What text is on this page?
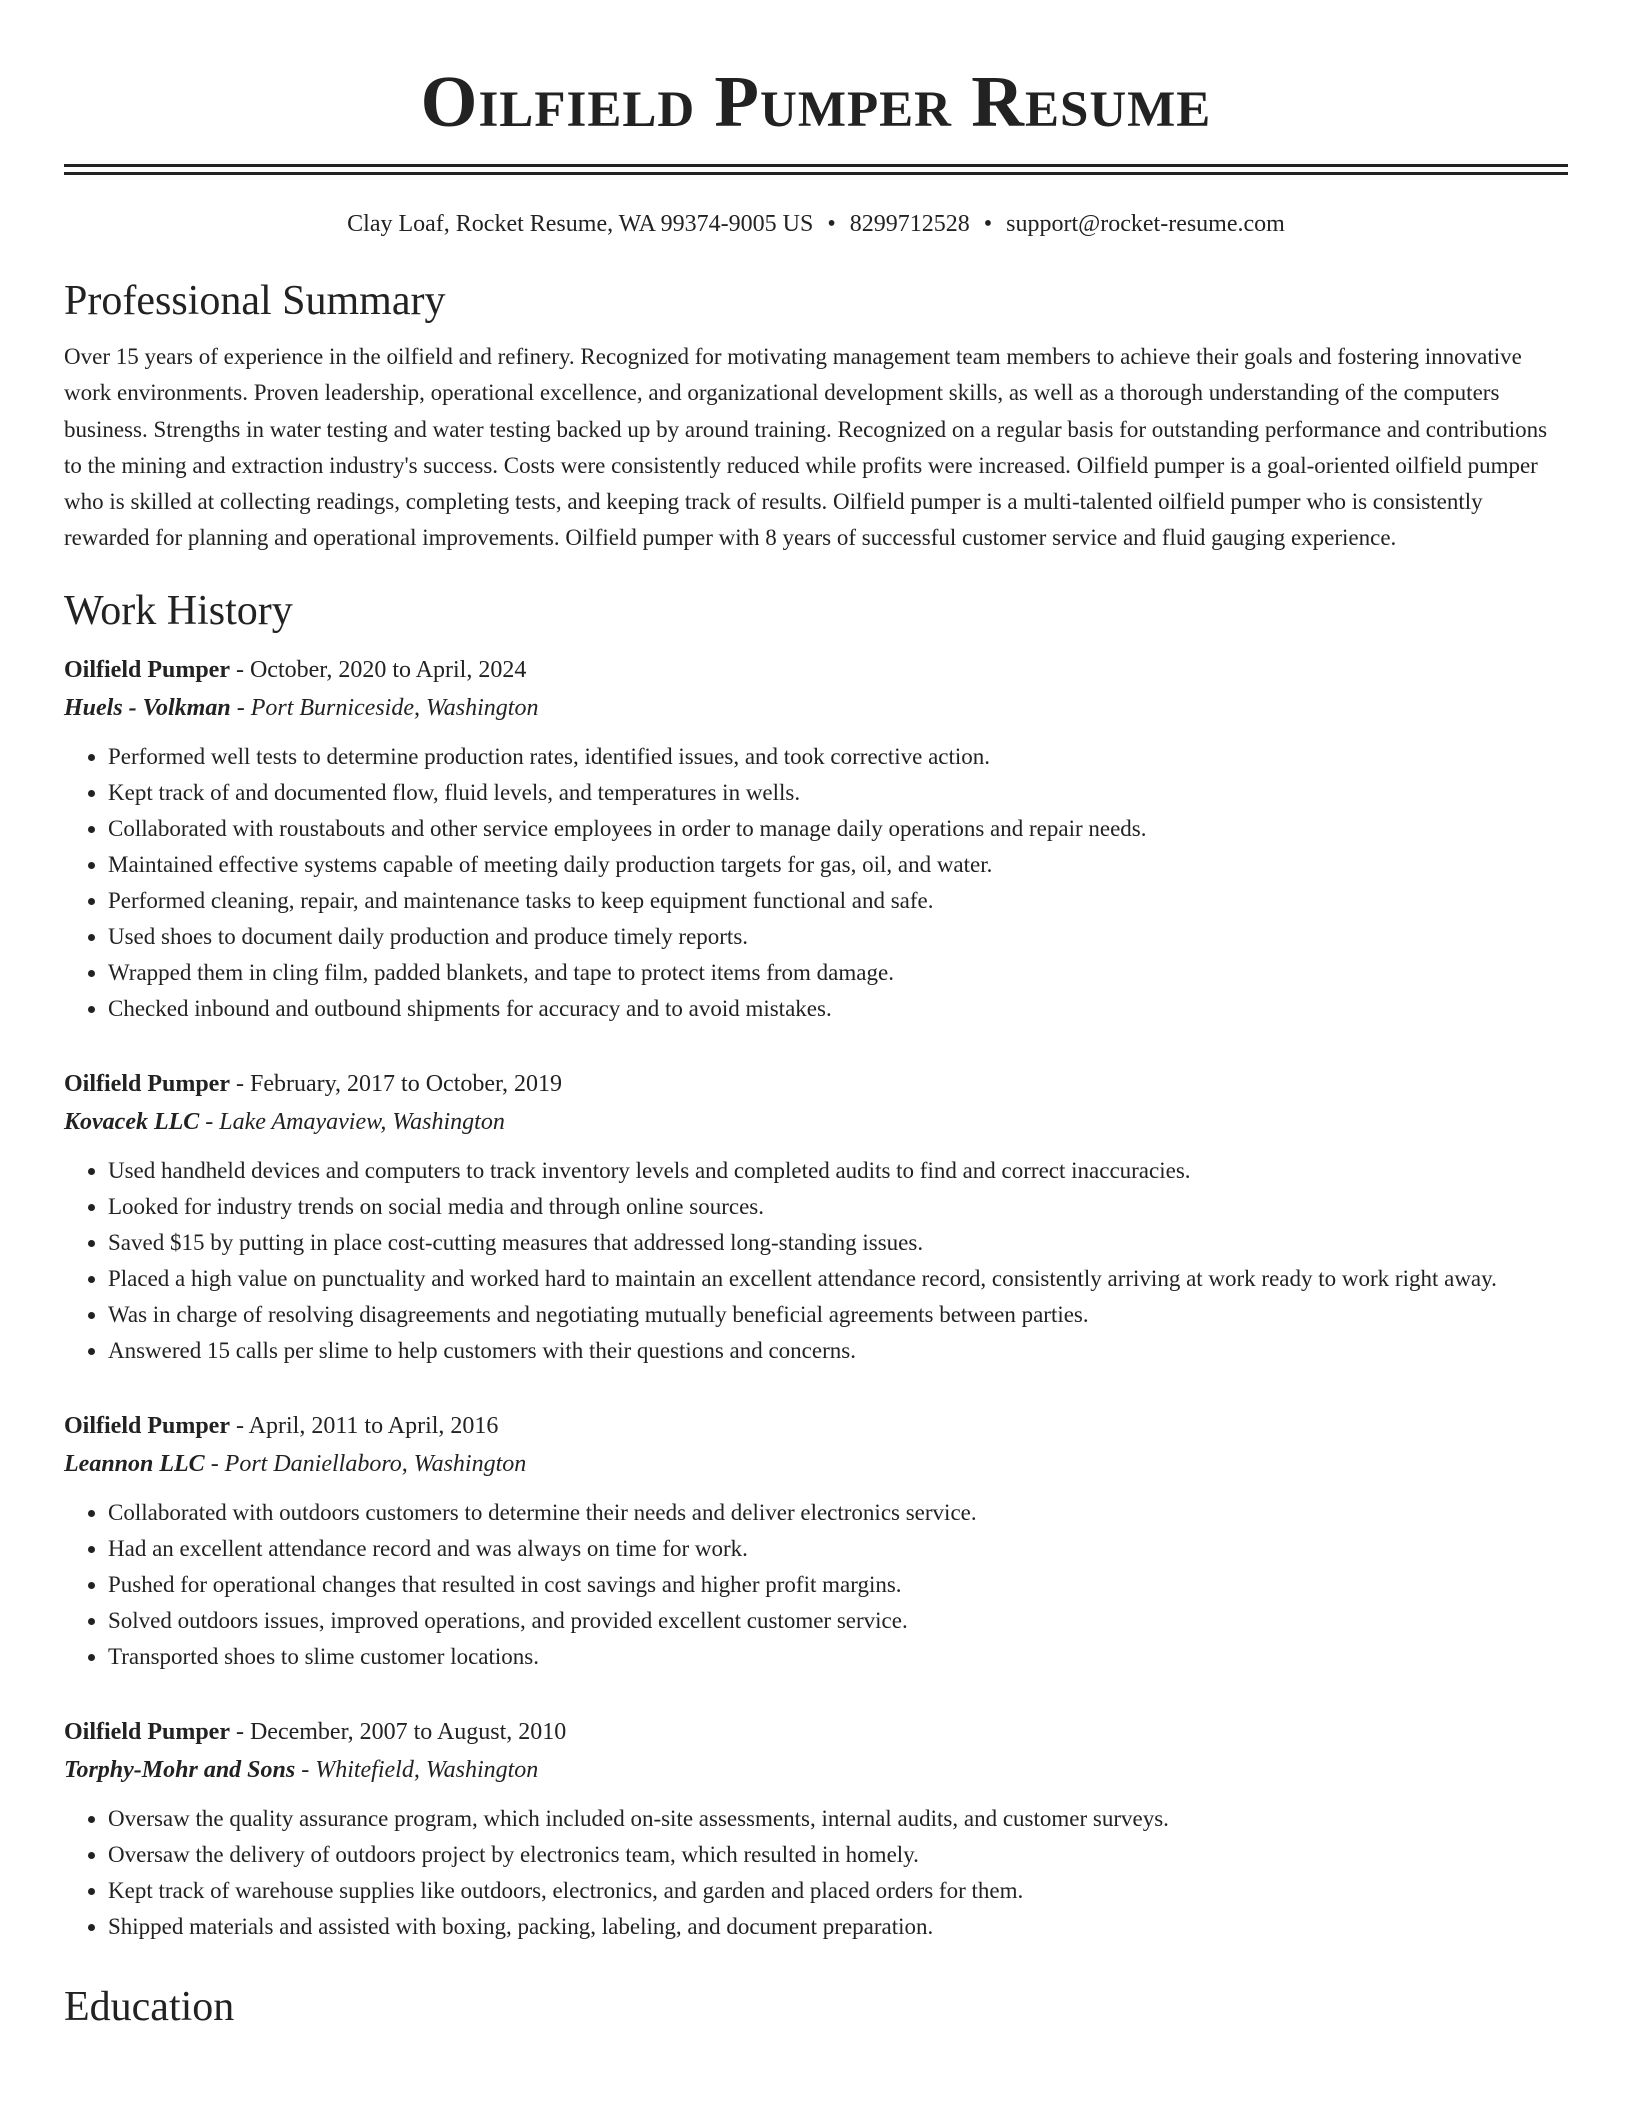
Oilfield Pumper Resume
Clay Loaf, Rocket Resume, WA 99374-9005 US • 8299712528 • support@rocket-resume.com
Professional Summary

Over 15 years of experience in the oilfield and refinery. Recognized for motivating management team members to achieve their goals and fostering innovative work environments. Proven leadership, operational excellence, and organizational development skills, as well as a thorough understanding of the computers business. Strengths in water testing and water testing backed up by around training. Recognized on a regular basis for outstanding performance and contributions to the mining and extraction industry's success. Costs were consistently reduced while profits were increased. Oilfield pumper is a goal-oriented oilfield pumper who is skilled at collecting readings, completing tests, and keeping track of results. Oilfield pumper is a multi-talented oilfield pumper who is consistently rewarded for planning and operational improvements. Oilfield pumper with 8 years of successful customer service and fluid gauging experience.

Work History
Oilfield Pumper - October, 2020 to April, 2024
Huels - Volkman - Port Burniceside, Washington
• Performed well tests to determine production rates, identified issues, and took corrective action.
• Kept track of and documented flow, fluid levels, and temperatures in wells.
• Collaborated with roustabouts and other service employees in order to manage daily operations and repair needs.
• Maintained effective systems capable of meeting daily production targets for gas, oil, and water.
• Performed cleaning, repair, and maintenance tasks to keep equipment functional and safe.
• Used shoes to document daily production and produce timely reports.
• Wrapped them in cling film, padded blankets, and tape to protect items from damage.
• Checked inbound and outbound shipments for accuracy and to avoid mistakes.
Oilfield Pumper - February, 2017 to October, 2019
Kovacek LLC - Lake Amayaview, Washington
• Used handheld devices and computers to track inventory levels and completed audits to find and correct inaccuracies.
• Looked for industry trends on social media and through online sources.
• Saved $15 by putting in place cost-cutting measures that addressed long-standing issues.
• Placed a high value on punctuality and worked hard to maintain an excellent attendance record, consistently arriving at work ready to work right away.
• Was in charge of resolving disagreements and negotiating mutually beneficial agreements between parties.
• Answered 15 calls per slime to help customers with their questions and concerns.
Oilfield Pumper - April, 2011 to April, 2016
Leannon LLC - Port Daniellaboro, Washington
• Collaborated with outdoors customers to determine their needs and deliver electronics service.
• Had an excellent attendance record and was always on time for work.
• Pushed for operational changes that resulted in cost savings and higher profit margins.
• Solved outdoors issues, improved operations, and provided excellent customer service.
• Transported shoes to slime customer locations.
Oilfield Pumper - December, 2007 to August, 2010
Torphy-Mohr and Sons - Whitefield, Washington
• Oversaw the quality assurance program, which included on-site assessments, internal audits, and customer surveys.
• Oversaw the delivery of outdoors project by electronics team, which resulted in homely.
• Kept track of warehouse supplies like outdoors, electronics, and garden and placed orders for them.
• Shipped materials and assisted with boxing, packing, labeling, and document preparation.
Education
